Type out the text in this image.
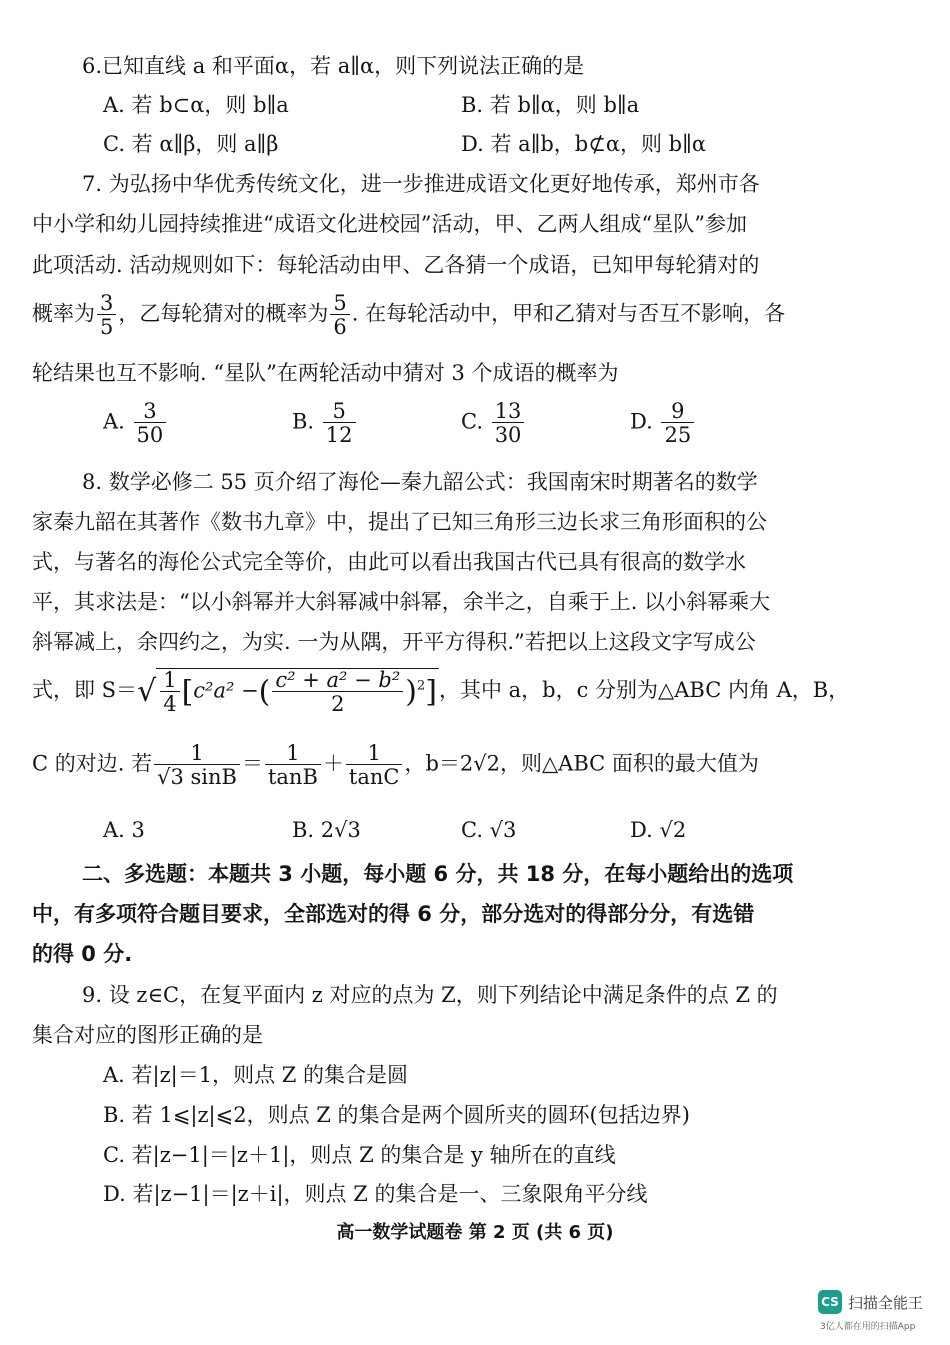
6.已知直线 a 和平面α，若 a∥α，则下列说法正确的是
A. 若 b⊂α，则 b∥a	B. 若 b∥α，则 b∥a
C. 若 α∥β，则 a∥β	D. 若 a∥b，b⊄α，则 b∥α
7. 为弘扬中华优秀传统文化，进一步推进成语文化更好地传承，郑州市各
中小学和幼儿园持续推进“成语文化进校园”活动，甲、乙两人组成“星队”参加
此项活动. 活动规则如下：每轮活动由甲、乙各猜一个成语，已知甲每轮猜对的
概率为 $\frac{3}{5}$ ，乙每轮猜对的概率为 $\frac{5}{6}$ . 在每轮活动中，甲和乙猜对与否互不影响，各
轮结果也互不影响. “星队”在两轮活动中猜对 3 个成语的概率为
A. $\frac{3}{50}$	B. $\frac{5}{12}$	C. $\frac{13}{30}$	D. $\frac{9}{25}$
8. 数学必修二 55 页介绍了海伦—秦九韶公式：我国南宋时期著名的数学
家秦九韶在其著作《数书九章》中，提出了已知三角形三边长求三角形面积的公
式，与著名的海伦公式完全等价，由此可以看出我国古代已具有很高的数学水
平，其求法是：“以小斜幂并大斜幂减中斜幂，余半之，自乘于上. 以小斜幂乘大
斜幂减上，余四约之，为实. 一为从隅，开平方得积.”若把以上这段文字写成公
式，即 $S=√ \frac{1}{4} [c^2a^2$ −( $\frac{\text{c² + a² − b²}}{2} )^2$]，其中 a，b，c 分别为△ABC 内角 A，B，
C 的对边. 若 $\frac{1}{√3 \sin B} = \frac{1}{\tan B} + \frac{1}{\tan C}$ ，b＝2√2，则△ABC 面积的最大值为
A. 3	B. 2√3	C. √3	D. √2
二、多选题：本题共 3 小题，每小题 6 分，共 18 分，在每小题给出的选项
中，有多项符合题目要求，全部选对的得 6 分，部分选对的得部分分，有选错
的得 0 分.
9. 设 z∈C，在复平面内 z 对应的点为 Z，则下列结论中满足条件的点 Z 的
集合对应的图形正确的是
A. 若|z|＝1，则点 Z 的集合是圆
B. 若 1⩽|z|⩽2，则点 Z 的集合是两个圆所夹的圆环(包括边界)
C. 若|z−1|＝|z＋1|，则点 Z 的集合是 y 轴所在的直线
D. 若|z−1|＝|z＋i|，则点 Z 的集合是一、三象限角平分线
高一数学试题卷 第 2 页 (共 6 页)
CS 扫描全能王
3亿人都在用的扫描App
